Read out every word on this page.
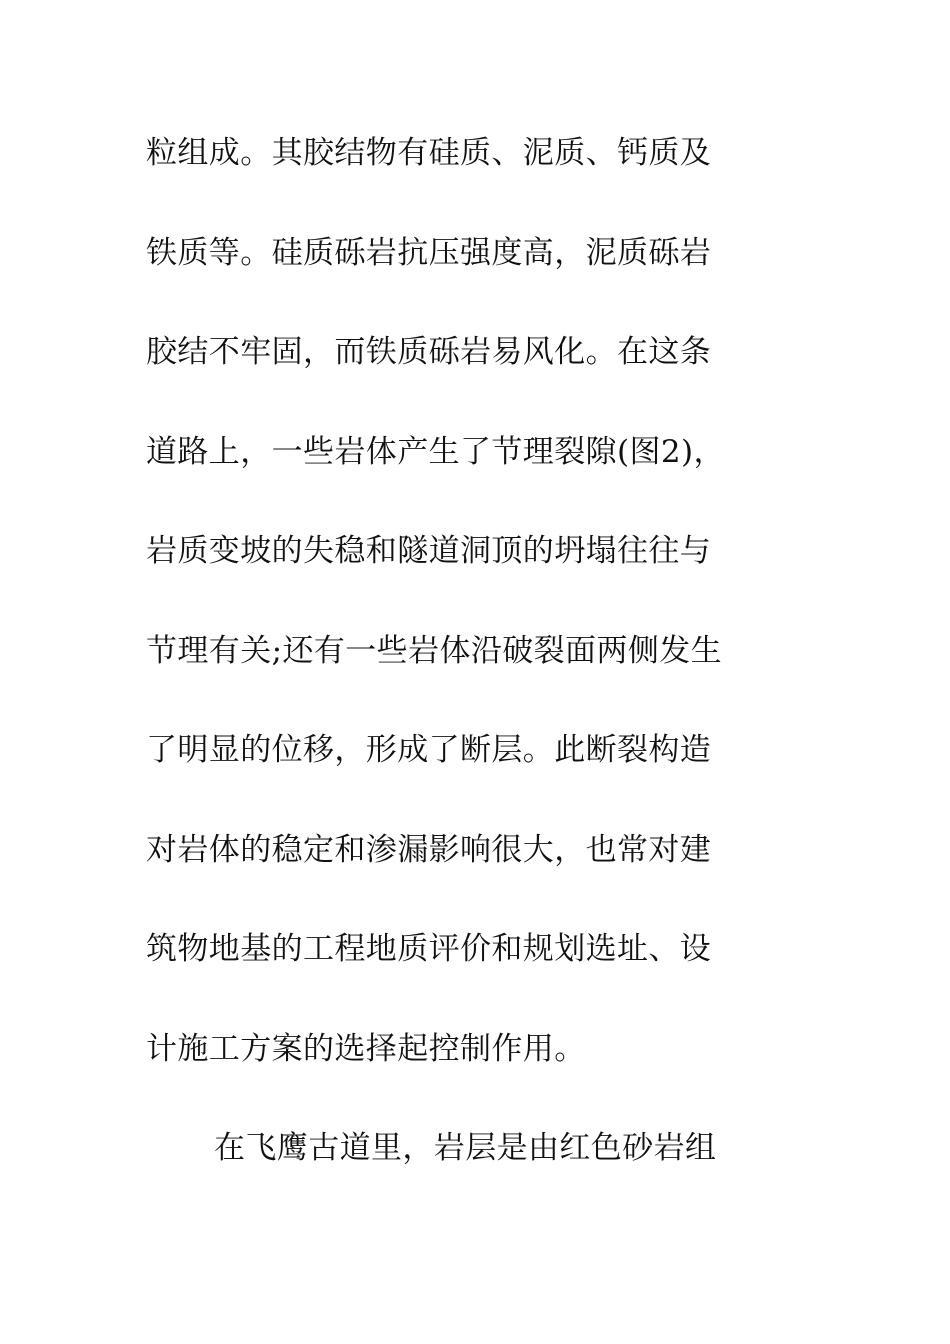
粒组成。其胶结物有硅质、泥质、钙质及
铁质等。硅质砾岩抗压强度高，泥质砾岩
胶结不牢固，而铁质砾岩易风化。在这条
道路上，一些岩体产生了节理裂隙(图2)，
岩质变坡的失稳和隧道洞顶的坍塌往往与
节理有关;还有一些岩体沿破裂面两侧发生
了明显的位移，形成了断层。此断裂构造
对岩体的稳定和渗漏影响很大，也常对建
筑物地基的工程地质评价和规划选址、设
计施工方案的选择起控制作用。
在飞鹰古道里，岩层是由红色砂岩组
